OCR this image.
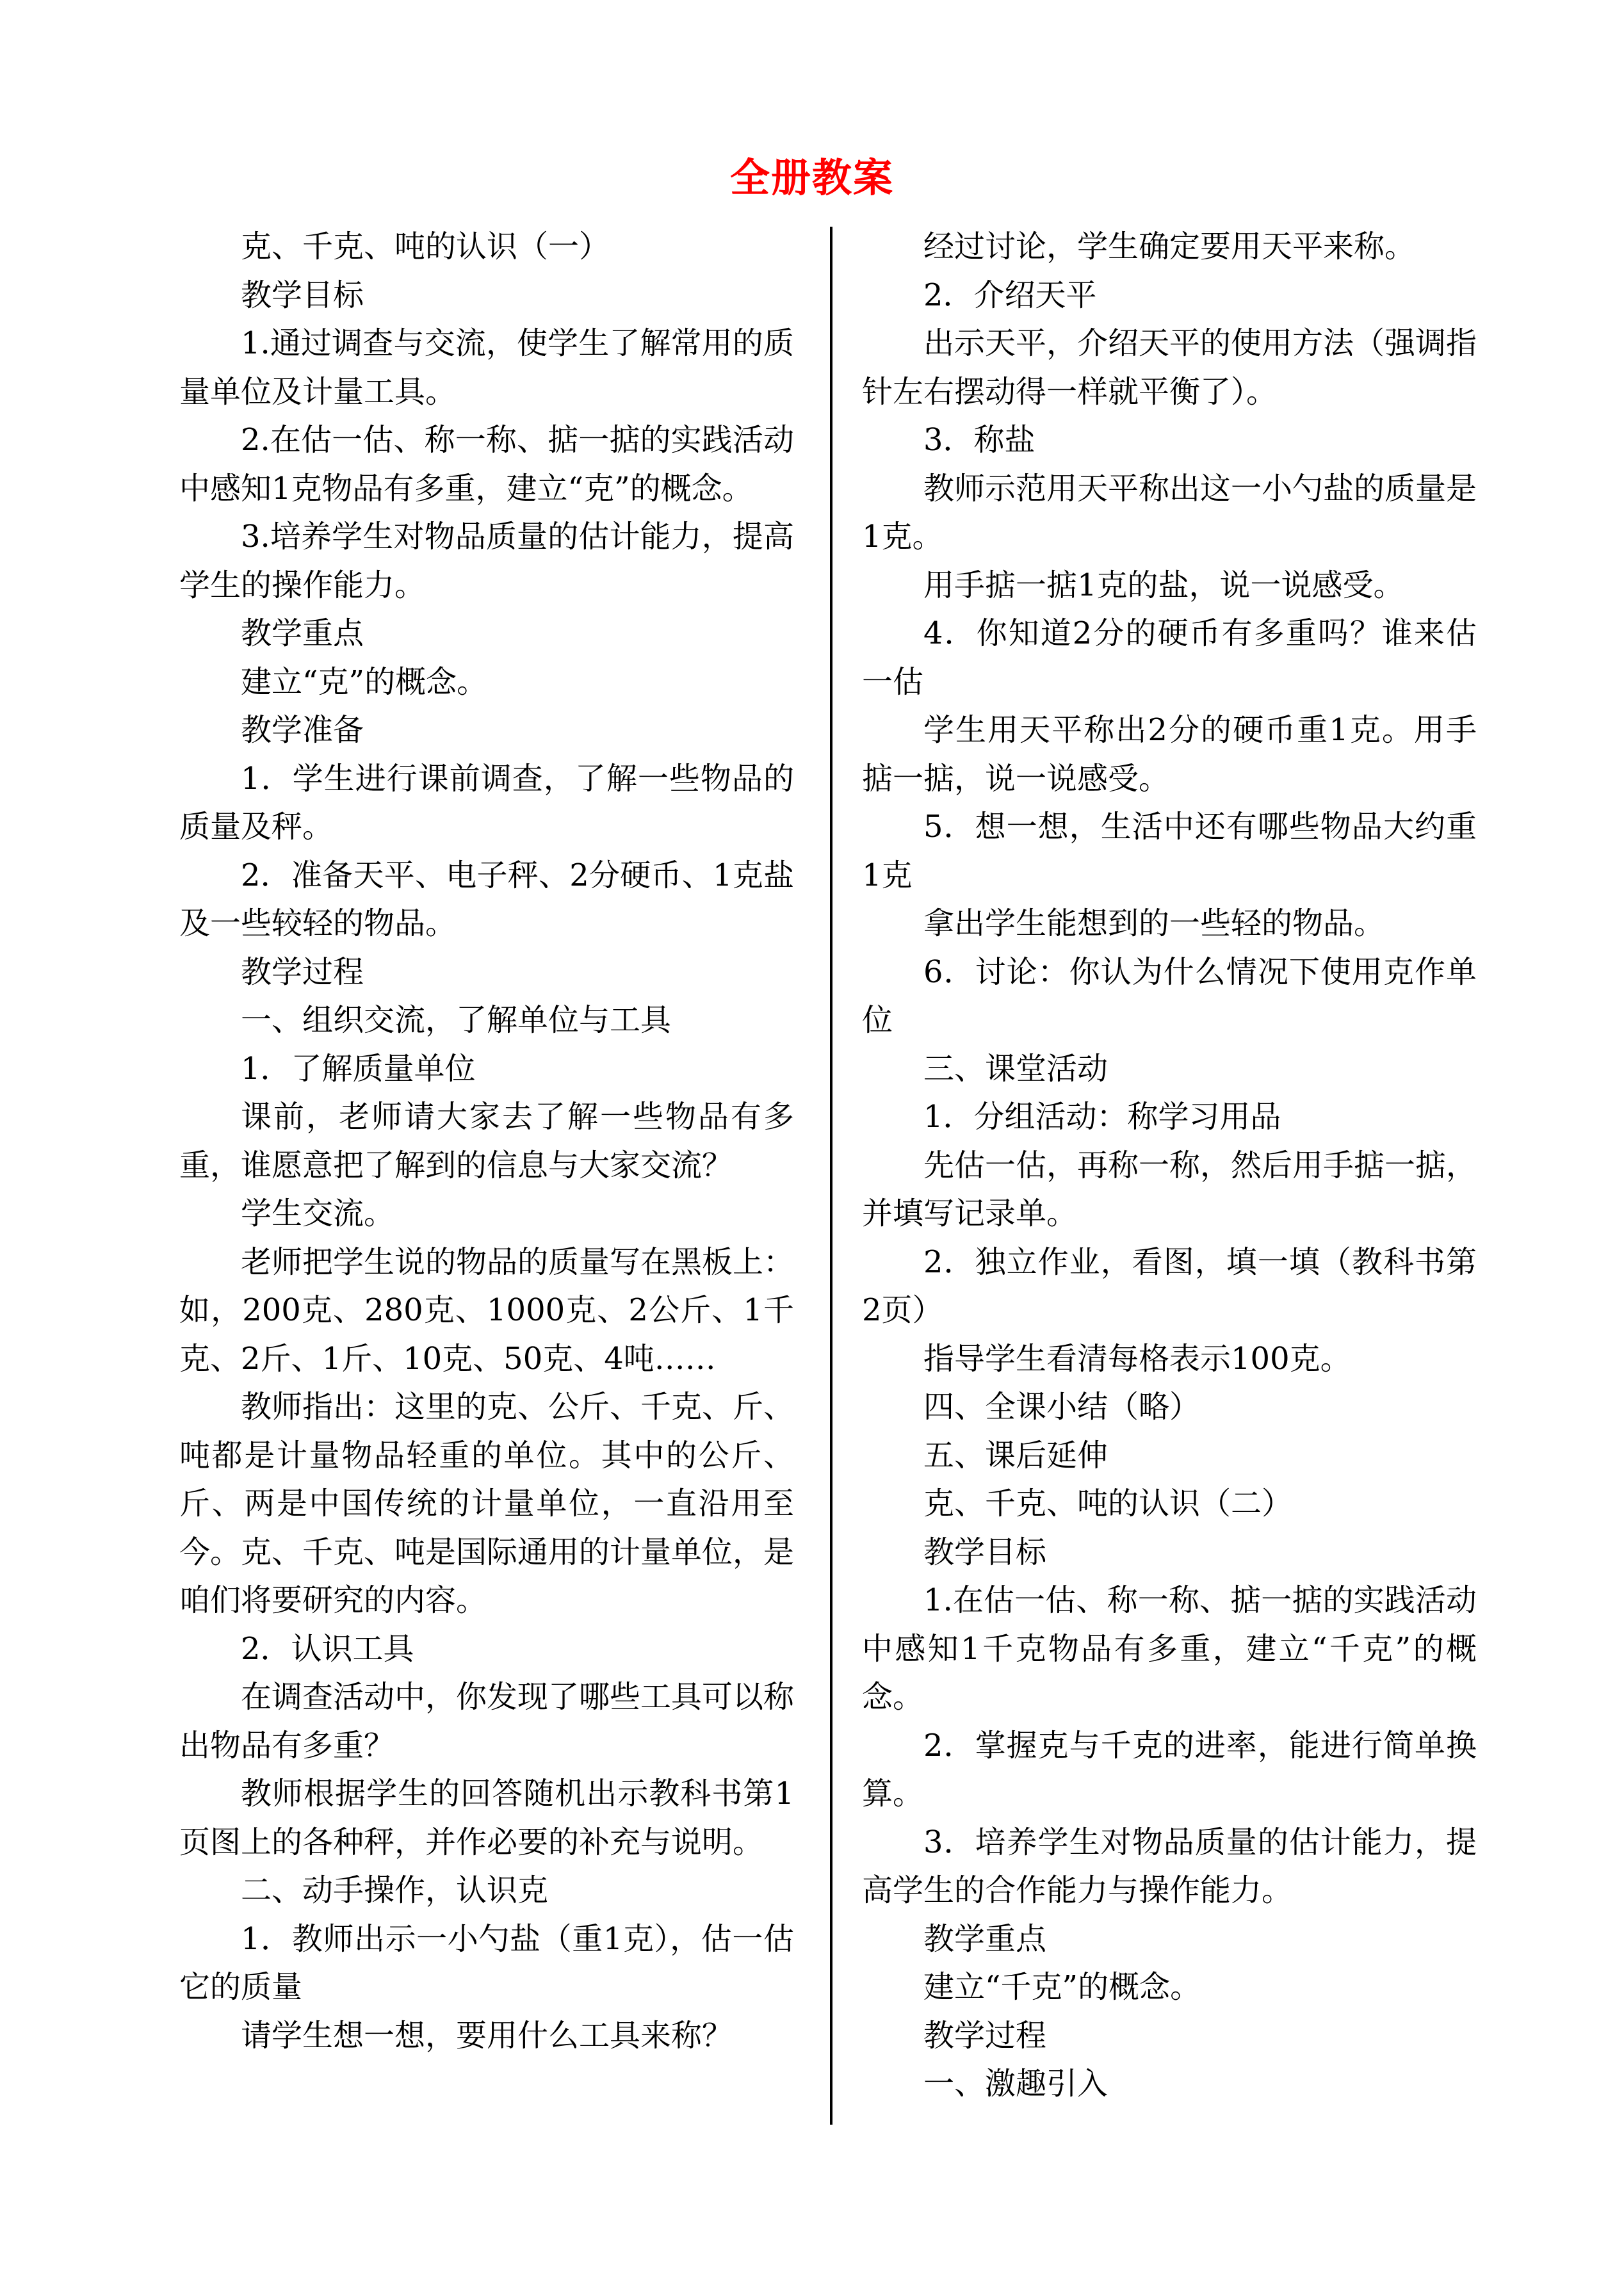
全册教案

克、千克、吨的认识（一）

教学目标

1.通过调查与交流，使学生了解常用的质量单位及计量工具。

2.在估一估、称一称、掂一掂的实践活动中感知1克物品有多重，建立“克”的概念。

3.培养学生对物品质量的估计能力，提高学生的操作能力。

教学重点

建立“克”的概念。

教学准备

1．学生进行课前调查，了解一些物品的质量及秤。

2．准备天平、电子秤、2分硬币、1克盐及一些较轻的物品。

教学过程

一、组织交流，了解单位与工具

1．了解质量单位

课前，老师请大家去了解一些物品有多重，谁愿意把了解到的信息与大家交流？

学生交流。

老师把学生说的物品的质量写在黑板上：如，200克、280克、1000克、2公斤、1千克、2斤、1斤、10克、50克、4吨……

教师指出：这里的克、公斤、千克、斤、吨都是计量物品轻重的单位。其中的公斤、斤、两是中国传统的计量单位，一直沿用至今。克、千克、吨是国际通用的计量单位，是咱们将要研究的内容。

2．认识工具

在调查活动中，你发现了哪些工具可以称出物品有多重？

教师根据学生的回答随机出示教科书第1页图上的各种秤，并作必要的补充与说明。

二、动手操作，认识克

1．教师出示一小勺盐（重1克），估一估它的质量

请学生想一想，要用什么工具来称？

经过讨论，学生确定要用天平来称。

2．介绍天平

出示天平，介绍天平的使用方法（强调指针左右摆动得一样就平衡了）。

3．称盐

教师示范用天平称出这一小勺盐的质量是1克。

用手掂一掂1克的盐，说一说感受。

4．你知道2分的硬币有多重吗？谁来估一估

学生用天平称出2分的硬币重1克。用手掂一掂，说一说感受。

5．想一想，生活中还有哪些物品大约重1克

拿出学生能想到的一些轻的物品。

6．讨论：你认为什么情况下使用克作单位

三、课堂活动

1．分组活动：称学习用品

先估一估，再称一称，然后用手掂一掂，并填写记录单。

2．独立作业，看图，填一填（教科书第2页）

指导学生看清每格表示100克。

四、全课小结（略）

五、课后延伸

克、千克、吨的认识（二）

教学目标

1.在估一估、称一称、掂一掂的实践活动中感知1千克物品有多重，建立“千克”的概念。

2．掌握克与千克的进率，能进行简单换算。

3．培养学生对物品质量的估计能力，提高学生的合作能力与操作能力。

教学重点

建立“千克”的概念。

教学过程

一、激趣引入
